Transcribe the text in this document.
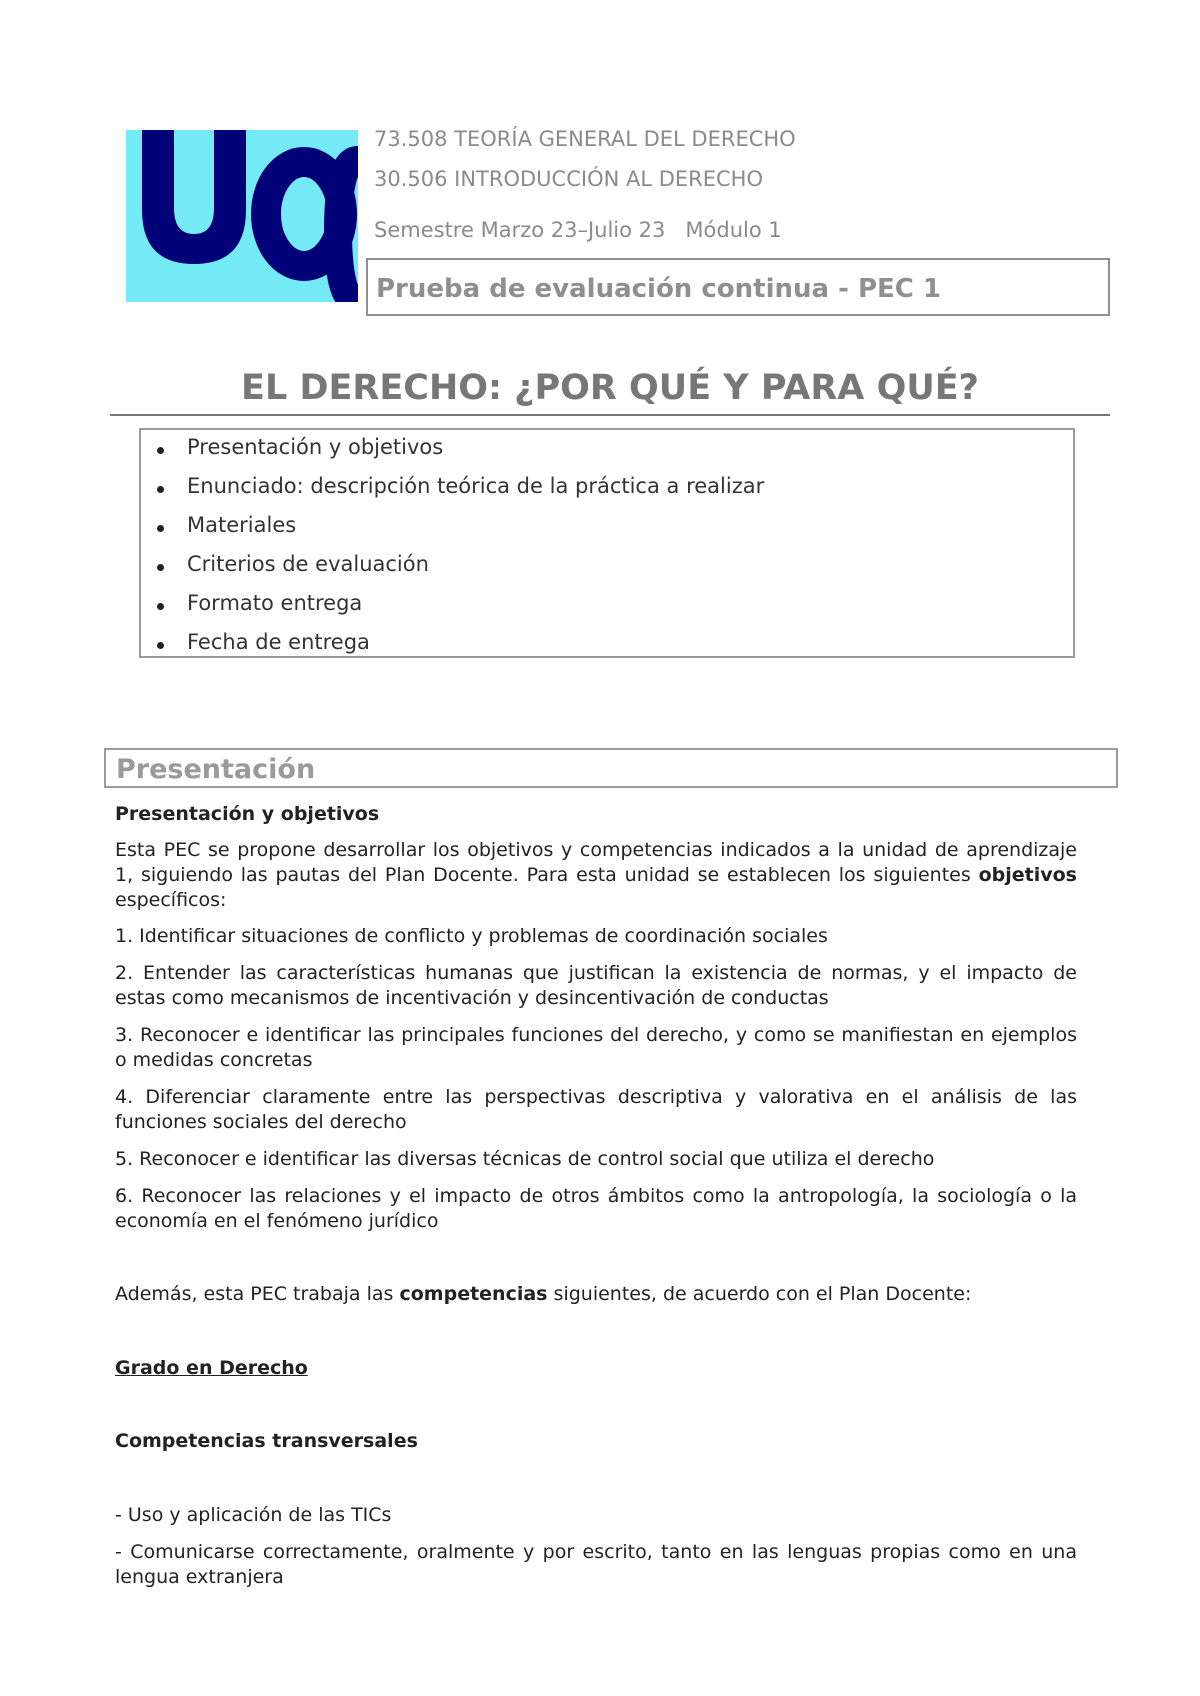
73.508 TEORÍA GENERAL DEL DERECHO
30.506 INTRODUCCIÓN AL DERECHO
Semestre Marzo 23–Julio 23 Módulo 1
Prueba de evaluación continua - PEC 1
EL DERECHO: ¿POR QUÉ Y PARA QUÉ?
Presentación y objetivos
Enunciado: descripción teórica de la práctica a realizar
Materiales
Criterios de evaluación
Formato entrega
Fecha de entrega
Presentación
Presentación y objetivos
Esta PEC se propone desarrollar los objetivos y competencias indicados a la unidad de aprendizaje 1, siguiendo las pautas del Plan Docente. Para esta unidad se establecen los siguientes objetivos específicos:
1. Identificar situaciones de conflicto y problemas de coordinación sociales
2. Entender las características humanas que justifican la existencia de normas, y el impacto de estas como mecanismos de incentivación y desincentivación de conductas
3. Reconocer e identificar las principales funciones del derecho, y como se manifiestan en ejemplos o medidas concretas
4. Diferenciar claramente entre las perspectivas descriptiva y valorativa en el análisis de las funciones sociales del derecho
5. Reconocer e identificar las diversas técnicas de control social que utiliza el derecho
6. Reconocer las relaciones y el impacto de otros ámbitos como la antropología, la sociología o la economía en el fenómeno jurídico
Además, esta PEC trabaja las competencias siguientes, de acuerdo con el Plan Docente:
Grado en Derecho
Competencias transversales
- Uso y aplicación de las TICs
- Comunicarse correctamente, oralmente y por escrito, tanto en las lenguas propias como en una lengua extranjera
